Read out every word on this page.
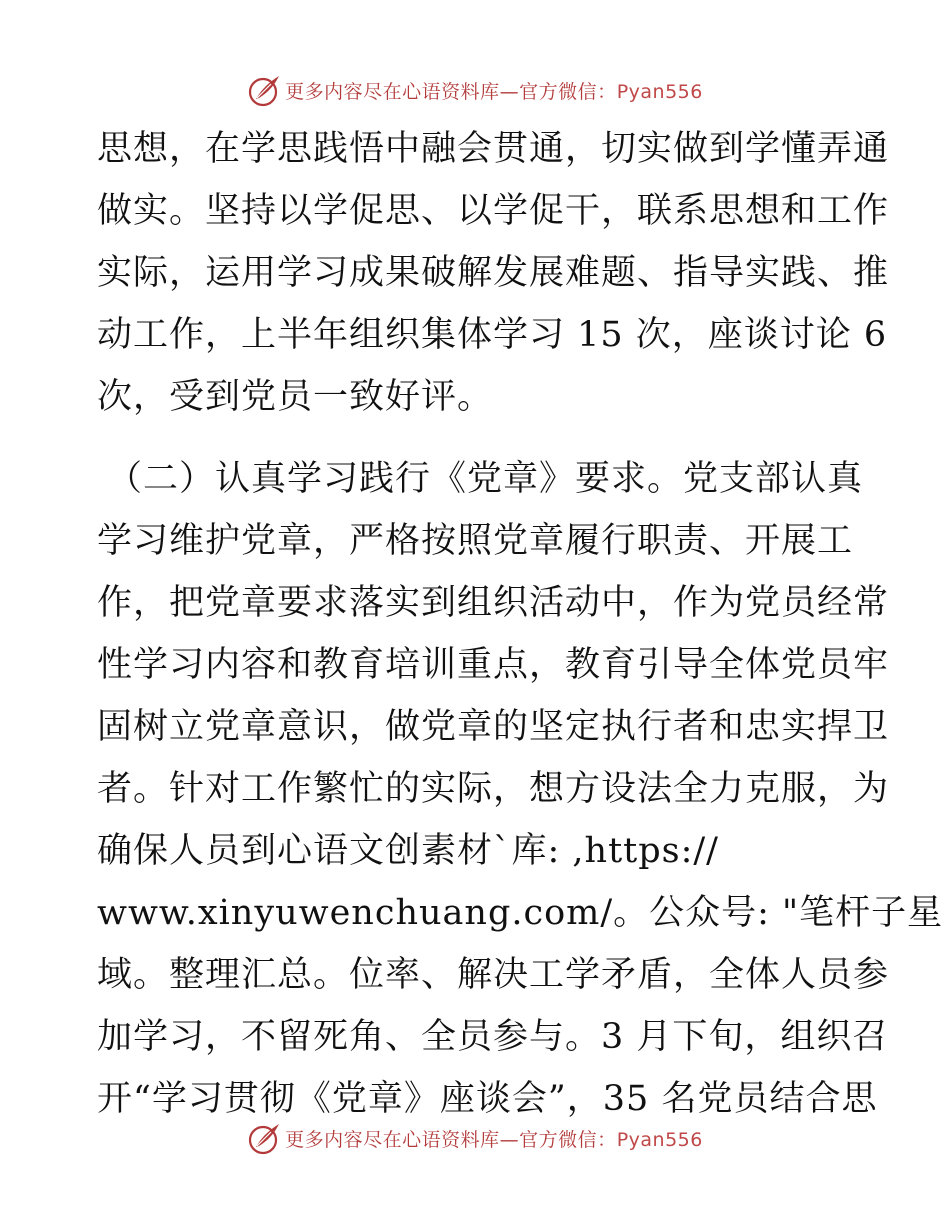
更多内容尽在心语资料库—官方微信：Pyan556
思想，在学思践悟中融会贯通，切实做到学懂弄通
做实。坚持以学促思、以学促干，联系思想和工作
实际，运用学习成果破解发展难题、指导实践、推
动工作，上半年组织集体学习 15 次，座谈讨论 6
次，受到党员一致好评。
（二）认真学习践行《党章》要求。党支部认真
学习维护党章，严格按照党章履行职责、开展工
作，把党章要求落实到组织活动中，作为党员经常
性学习内容和教育培训重点，教育引导全体党员牢
固树立党章意识，做党章的坚定执行者和忠实捍卫
者。针对工作繁忙的实际，想方设法全力克服，为
确保人员到心语文创素材`库: ,https://
www.xinyuwenchuang.com/。公众号: "笔杆子星
域。整理汇总。位率、解决工学矛盾，全体人员参
加学习，不留死角、全员参与。3 月下旬，组织召
开“学习贯彻《党章》座谈会”，35 名党员结合思
更多内容尽在心语资料库—官方微信：Pyan556
